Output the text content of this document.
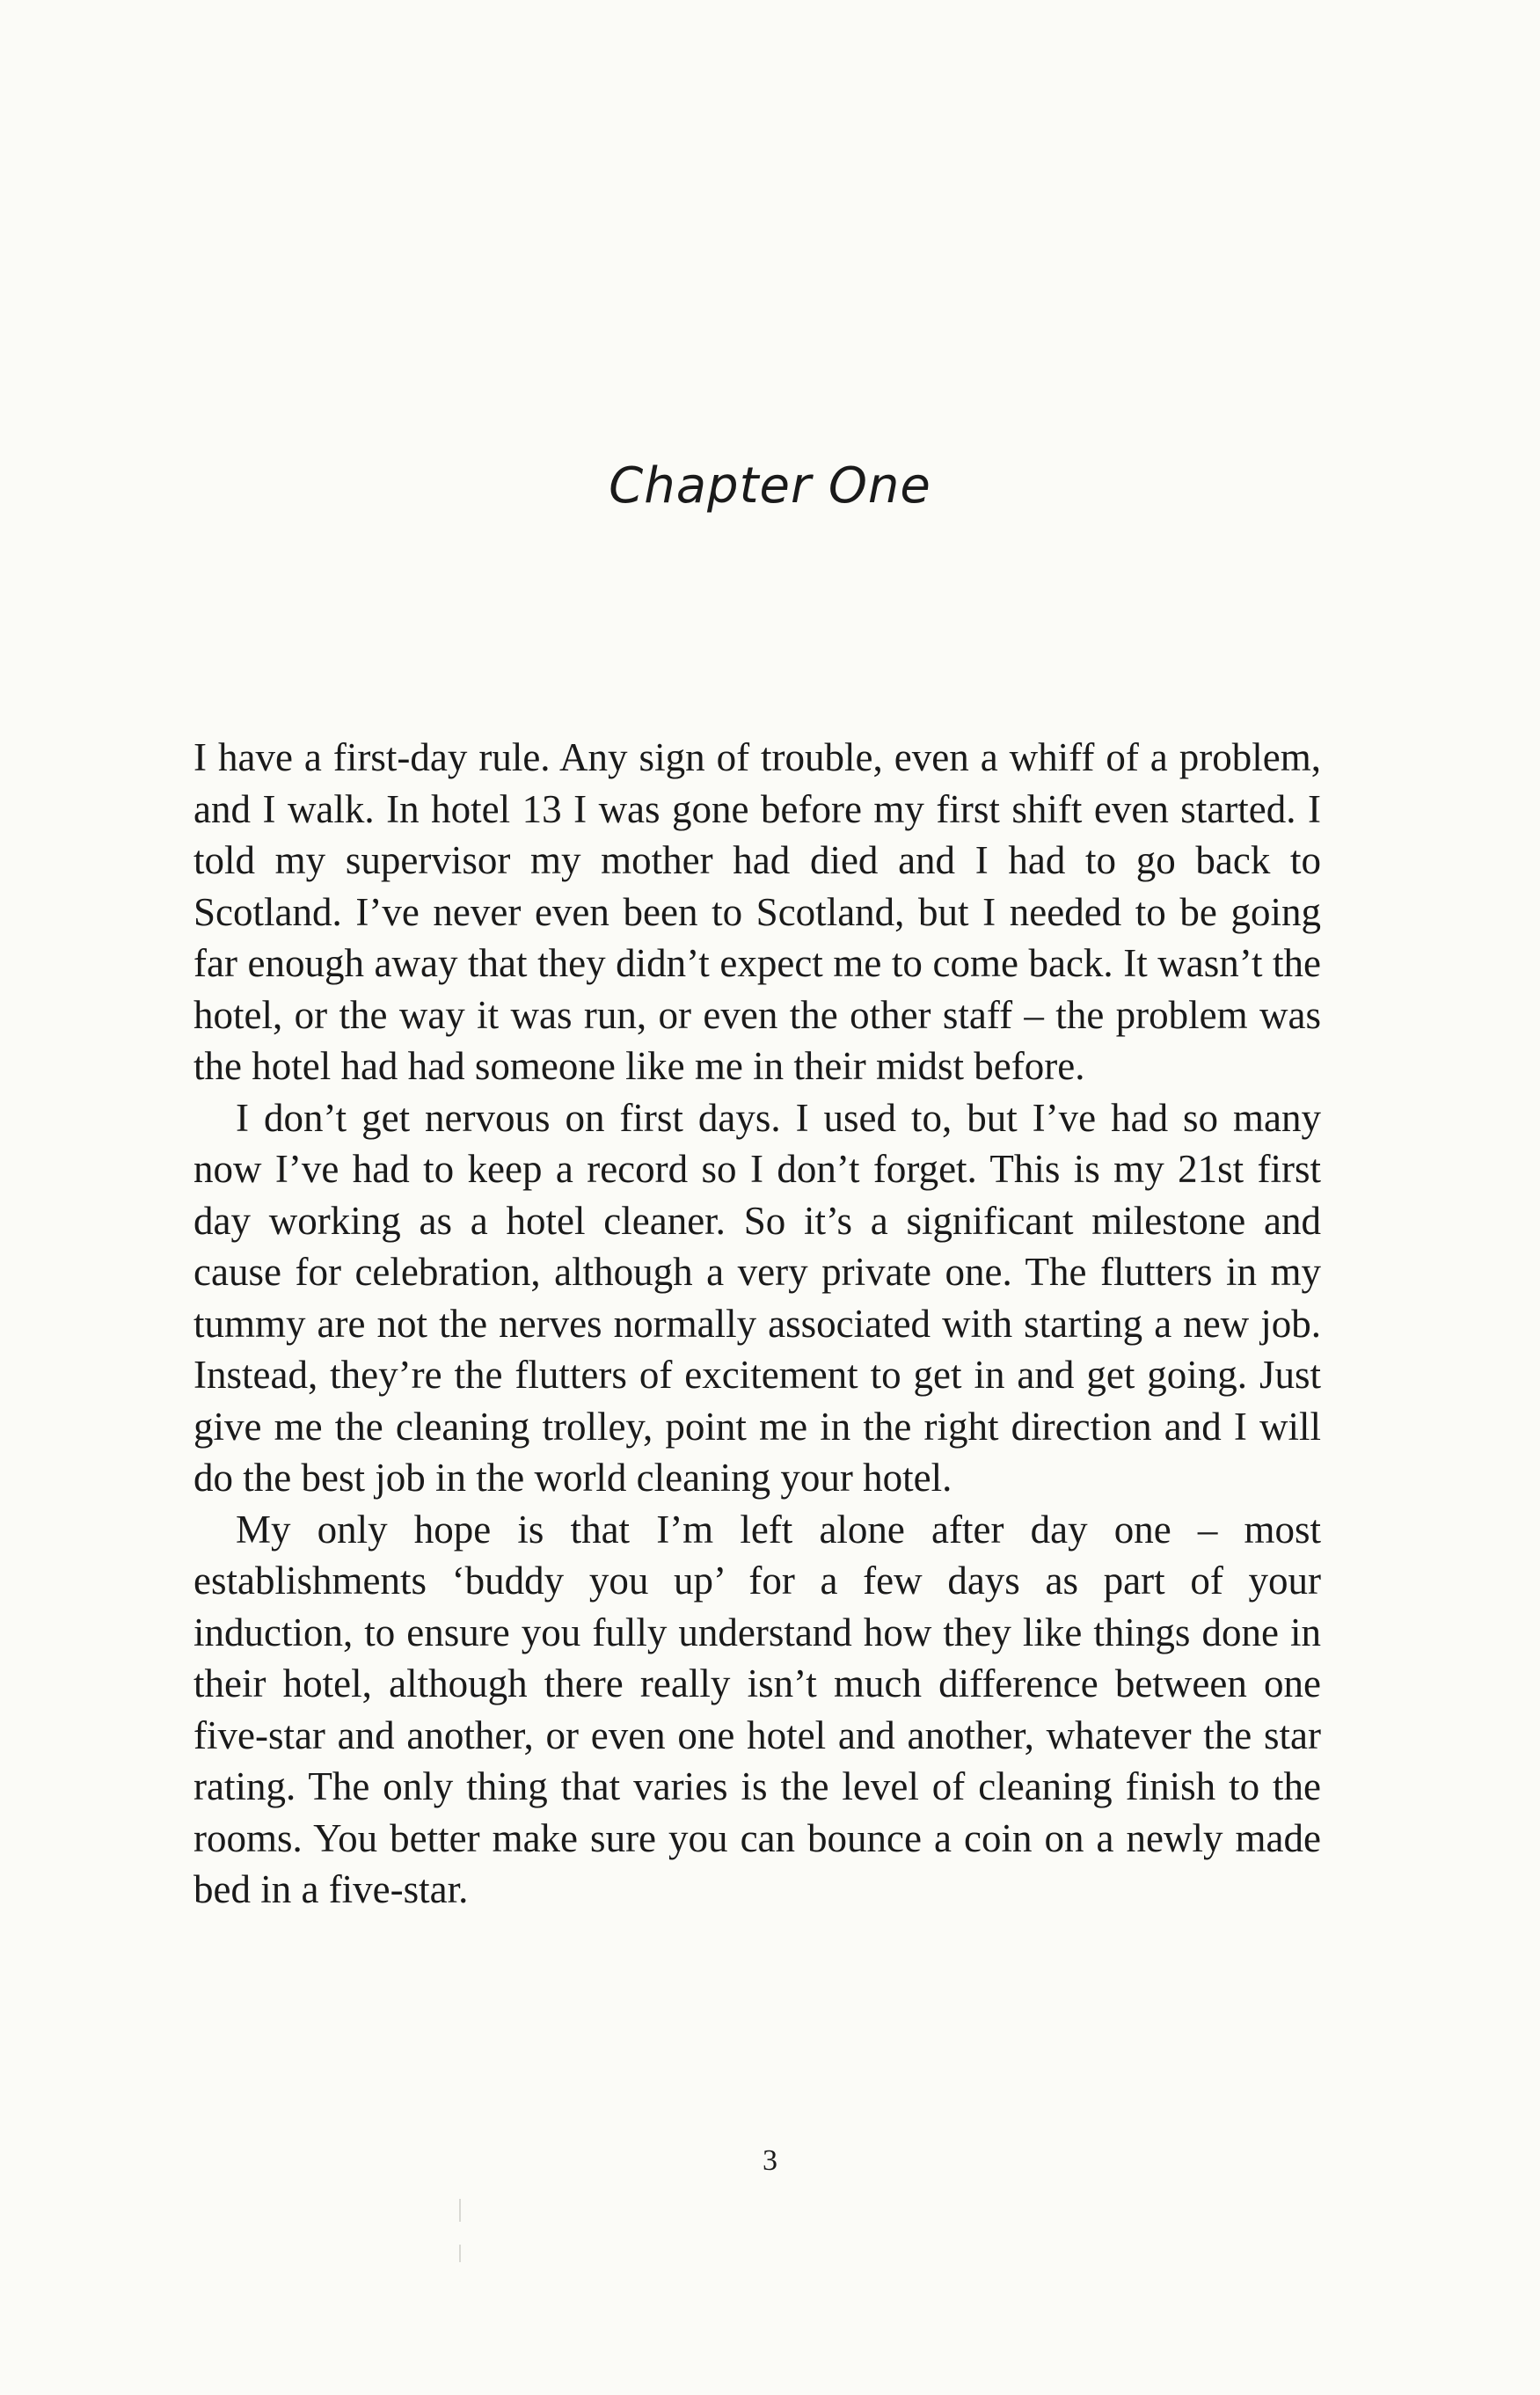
Chapter One

I have a first-day rule. Any sign of trouble, even a whiff of a problem, and I walk. In hotel 13 I was gone before my first shift even started. I told my supervisor my mother had died and I had to go back to Scotland. I’ve never even been to Scotland, but I needed to be going far enough away that they didn’t expect me to come back. It wasn’t the hotel, or the way it was run, or even the other staff – the problem was the hotel had had someone like me in their midst before.

I don’t get nervous on first days. I used to, but I’ve had so many now I’ve had to keep a record so I don’t forget. This is my 21st first day working as a hotel cleaner. So it’s a significant milestone and cause for celebration, although a very private one. The flutters in my tummy are not the nerves normally associated with starting a new job. Instead, they’re the flutters of excitement to get in and get going. Just give me the cleaning trolley, point me in the right direction and I will do the best job in the world cleaning your hotel.

My only hope is that I’m left alone after day one – most establishments ‘buddy you up’ for a few days as part of your induction, to ensure you fully understand how they like things done in their hotel, although there really isn’t much difference between one five-star and another, or even one hotel and another, whatever the star rating. The only thing that varies is the level of cleaning finish to the rooms. You better make sure you can bounce a coin on a newly made bed in a five-star.

3
